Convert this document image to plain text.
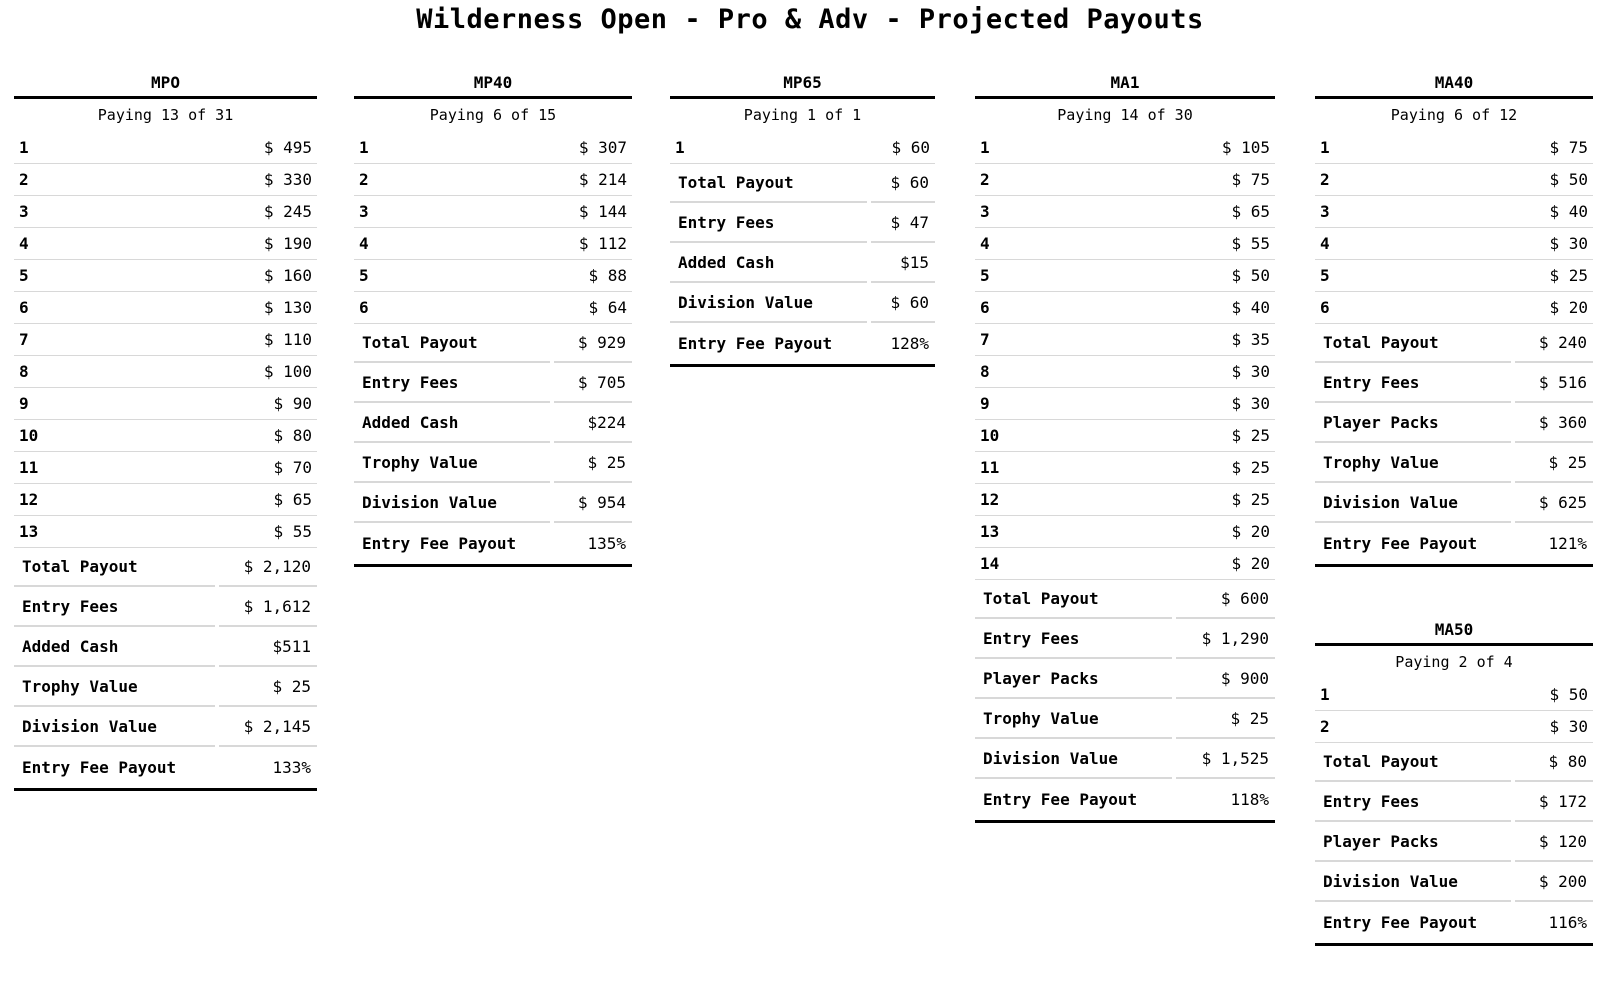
Wilderness Open - Pro & Adv - Projected Payouts
MPO
Paying 13 of 31
1	$ 495
2	$ 330
3	$ 245
4	$ 190
5	$ 160
6	$ 130
7	$ 110
8	$ 100
9	$ 90
10	$ 80
11	$ 70
12	$ 65
13	$ 55
Total Payout	$ 2,120
Entry Fees	$ 1,612
Added Cash	$511
Trophy Value	$ 25
Division Value	$ 2,145
Entry Fee Payout	133%
MP40
Paying 6 of 15
1	$ 307
2	$ 214
3	$ 144
4	$ 112
5	$ 88
6	$ 64
Total Payout	$ 929
Entry Fees	$ 705
Added Cash	$224
Trophy Value	$ 25
Division Value	$ 954
Entry Fee Payout	135%
MP65
Paying 1 of 1
1	$ 60
Total Payout	$ 60
Entry Fees	$ 47
Added Cash	$15
Division Value	$ 60
Entry Fee Payout	128%
MA1
Paying 14 of 30
1	$ 105
2	$ 75
3	$ 65
4	$ 55
5	$ 50
6	$ 40
7	$ 35
8	$ 30
9	$ 30
10	$ 25
11	$ 25
12	$ 25
13	$ 20
14	$ 20
Total Payout	$ 600
Entry Fees	$ 1,290
Player Packs	$ 900
Trophy Value	$ 25
Division Value	$ 1,525
Entry Fee Payout	118%
MA40
Paying 6 of 12
1	$ 75
2	$ 50
3	$ 40
4	$ 30
5	$ 25
6	$ 20
Total Payout	$ 240
Entry Fees	$ 516
Player Packs	$ 360
Trophy Value	$ 25
Division Value	$ 625
Entry Fee Payout	121%
MA50
Paying 2 of 4
1	$ 50
2	$ 30
Total Payout	$ 80
Entry Fees	$ 172
Player Packs	$ 120
Division Value	$ 200
Entry Fee Payout	116%
